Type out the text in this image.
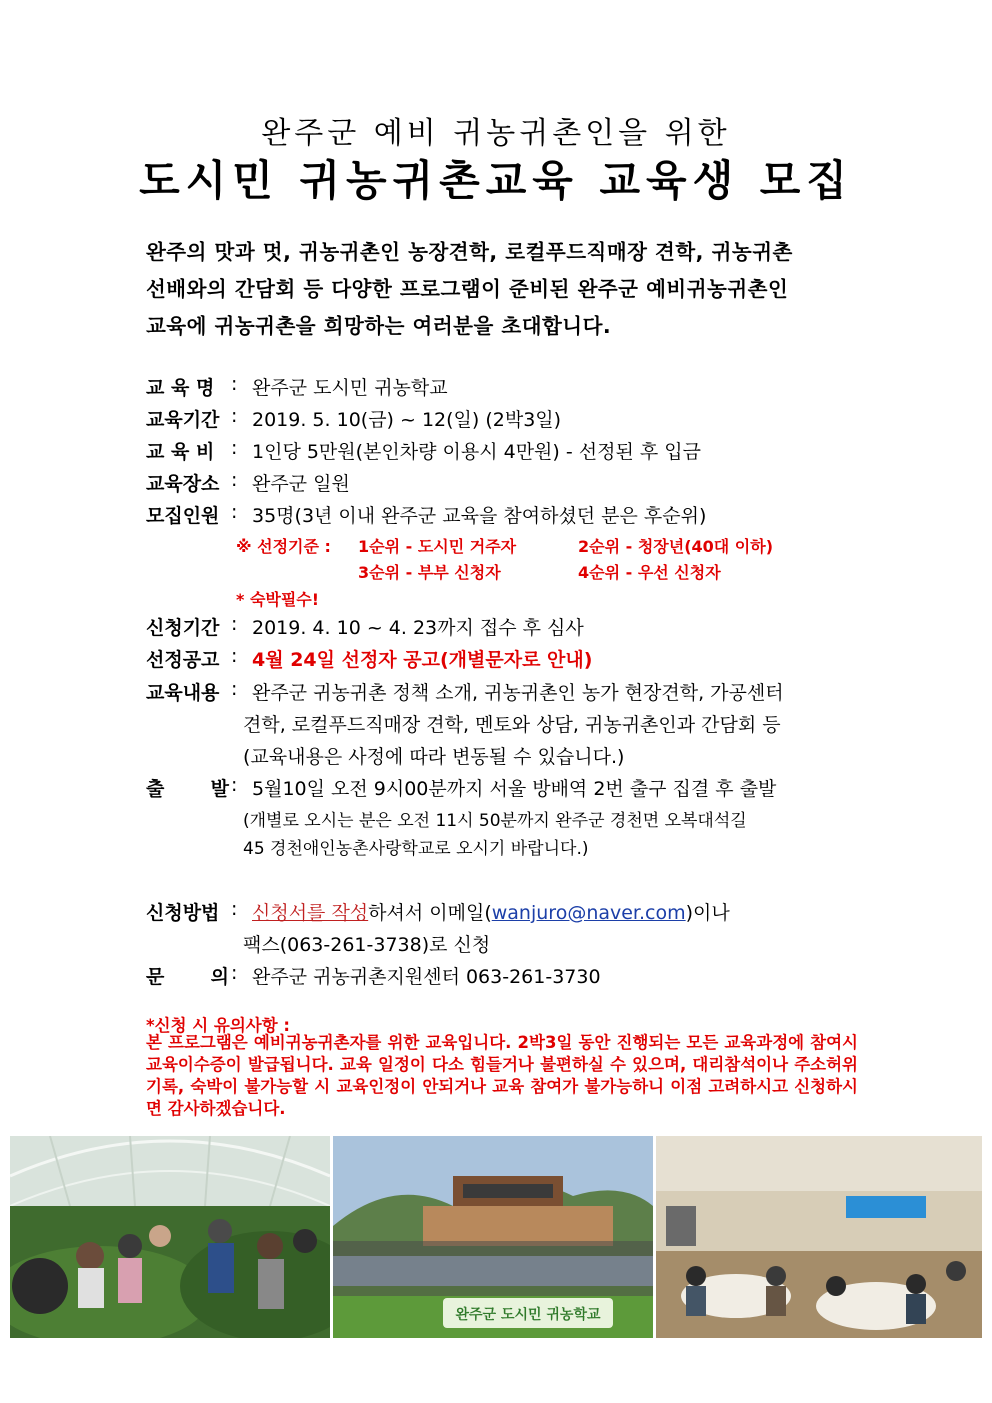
완주군 예비 귀농귀촌인을 위한
도시민 귀농귀촌교육 교육생 모집
완주의 맛과 멋, 귀농귀촌인 농장견학, 로컬푸드직매장 견학, 귀농귀촌
선배와의 간담회 등 다양한 프로그램이 준비된 완주군 예비귀농귀촌인
교육에 귀농귀촌을 희망하는 여러분을 초대합니다.
교 육 명 : 완주군 도시민 귀농학교
교육기간 : 2019. 5. 10(금) ~ 12(일) (2박3일)
교 육 비 : 1인당 5만원(본인차량 이용시 4만원) - 선정된 후 입금
교육장소 : 완주군 일원
모집인원 : 35명(3년 이내 완주군 교육을 참여하셨던 분은 후순위)
※ 선정기준 : 1순위 - 도시민 거주자	2순위 - 청장년(40대 이하)
3순위 - 부부 신청자	4순위 - 우선 신청자
* 숙박필수!
신청기간 : 2019. 4. 10 ~ 4. 23까지 접수 후 심사
선정공고 : 4월 24일 선정자 공고(개별문자로 안내)
교육내용 : 완주군 귀농귀촌 정책 소개, 귀농귀촌인 농가 현장견학, 가공센터
견학, 로컬푸드직매장 견학, 멘토와 상담, 귀농귀촌인과 간담회 등
(교육내용은 사정에 따라 변동될 수 있습니다.)
출       발 : 5월10일 오전 9시00분까지 서울 방배역 2번 출구 집결 후 출발
(개별로 오시는 분은 오전 11시 50분까지 완주군 경천면 오복대석길
45 경천애인농촌사랑학교로 오시기 바랍니다.)
신청방법 : 신청서를 작성하셔서 이메일(wanjuro@naver.com)이나
팩스(063-261-3738)로 신청
문       의 : 완주군 귀농귀촌지원센터 063-261-3730
*신청 시 유의사항 :
본 프로그램은 예비귀농귀촌자를 위한 교육입니다. 2박3일 동안 진행되는 모든 교육과정에 참여시 교육이수증이 발급됩니다. 교육 일정이 다소 힘들거나 불편하실 수 있으며, 대리참석이나 주소허위기록, 숙박이 불가능할 시 교육인정이 안되거나 교육 참여가 불가능하니 이점 고려하시고 신청하시면 감사하겠습니다.
완주군 도시민 귀농학교
